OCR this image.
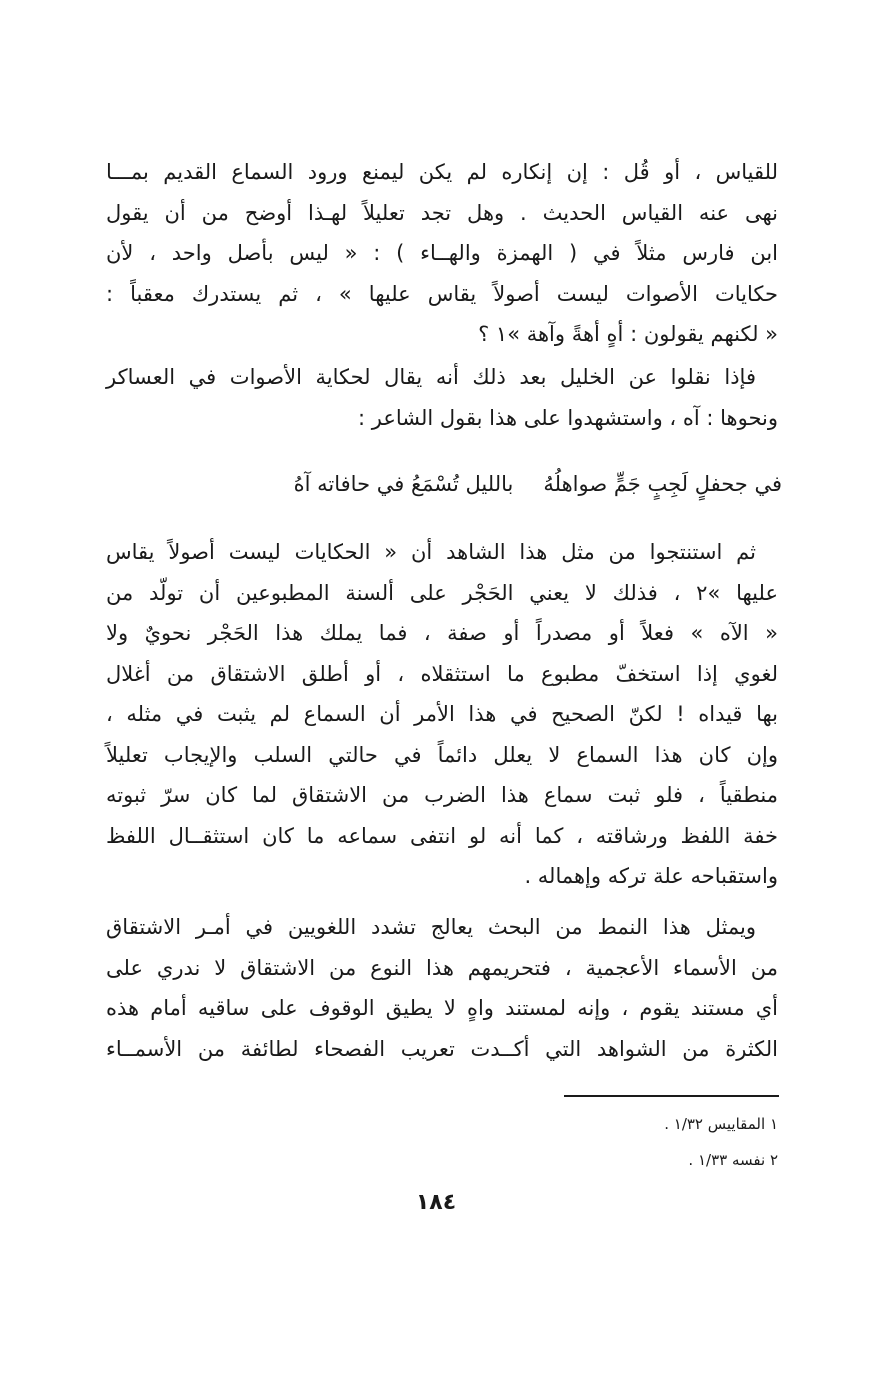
للقياس ، أو قُل : إن إنكاره لم يكن ليمنع ورود السماع القديم بمـــا
نهى عنه القياس الحديث . وهل تجد تعليلاً لهـذا أوضح من أن يقول
ابن فارس مثلاً في ( الهمزة والهــاء ) : « ليس بأصل واحد ، لأن
حكايات الأصوات ليست أصولاً يقاس عليها » ، ثم يستدرك معقباً :
« لكنهم يقولون : أهٍ أهةً وآهة »١ ؟
فإذا نقلوا عن الخليل بعد ذلك أنه يقال لحكاية الأصوات في العساكر
ونحوها : آه ، واستشهدوا على هذا بقول الشاعر :
في جحفلٍ لَجِبٍ جَمٍّ صواهلُهُبالليل تُسْمَعُ في حافاته آهُ
ثم استنتجوا من مثل هذا الشاهد أن « الحكايات ليست أصولاً يقاس
عليها »٢ ، فذلك لا يعني الحَجْر على ألسنة المطبوعين أن تولّد من
« الآه » فعلاً أو مصدراً أو صفة ، فما يملك هذا الحَجْر نحويٌ ولا
لغوي إذا استخفّ مطبوع ما استثقلاه ، أو أطلق الاشتقاق من أغلال
بها قيداه ! لكنّ الصحيح في هذا الأمر أن السماع لم يثبت في مثله ،
وإن كان هذا السماع لا يعلل دائماً في حالتي السلب والإيجاب تعليلاً
منطقياً ، فلو ثبت سماع هذا الضرب من الاشتقاق لما كان سرّ ثبوته
خفة اللفظ ورشاقته ، كما أنه لو انتفى سماعه ما كان استثقــال اللفظ
واستقباحه علة تركه وإهماله .
ويمثل هذا النمط من البحث يعالج تشدد اللغويين في أمـر الاشتقاق
من الأسماء الأعجمية ، فتحريمهم هذا النوع من الاشتقاق لا ندري على
أي مستند يقوم ، وإنه لمستند واهٍ لا يطيق الوقوف على ساقيه أمام هذه
الكثرة من الشواهد التي أكــدت تعريب الفصحاء لطائفة من الأسمــاء
١ المقاييس ١/٣٢ .
٢ نفسه ١/٣٣ .
١٨٤
